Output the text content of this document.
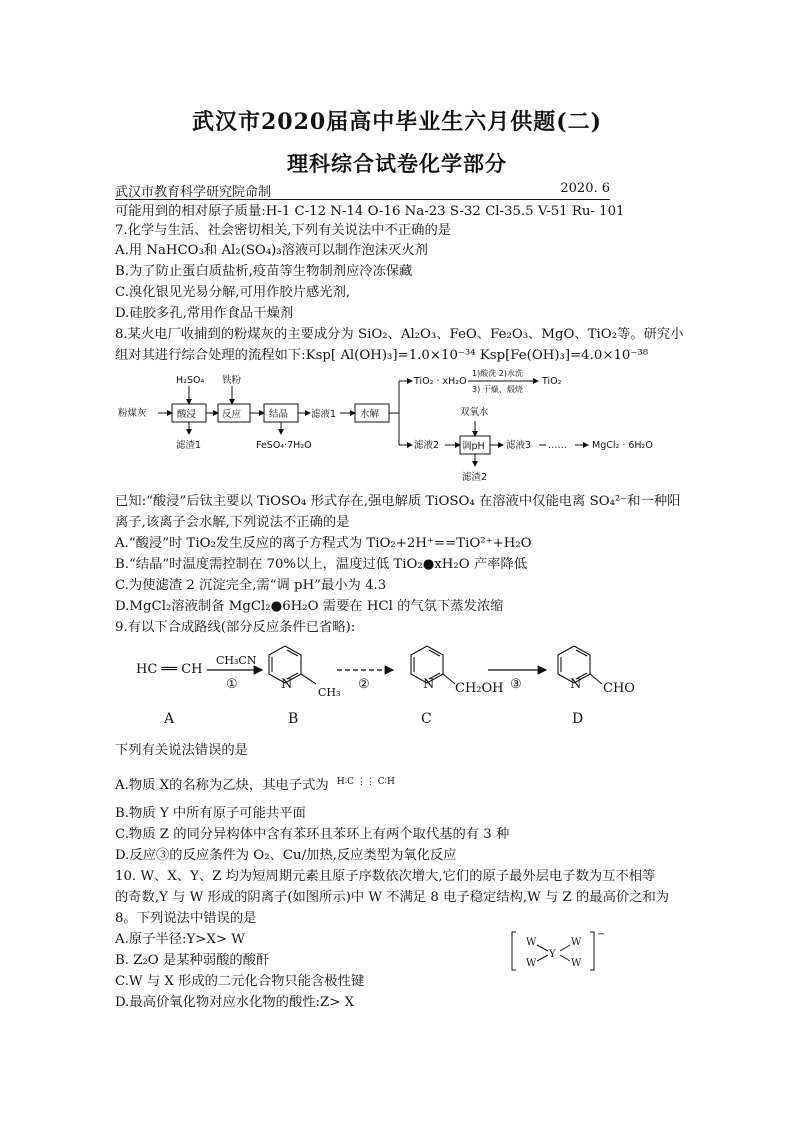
武汉市2020届高中毕业生六月供题(二)
理科综合试卷化学部分
武汉市教育科学研究院命制	2020. 6
可能用到的相对原子质量:H-1 C-12 N-14 O-16 Na-23 S-32 Cl-35.5 V-51 Ru- 101
7.化学与生活、社会密切相关,下列有关说法中不正确的是
A.用 NaHCO₃和 Al₂(SO₄)₃溶液可以制作泡沫灭火剂
B.为了防止蛋白质盐析,疫苗等生物制剂应冷冻保藏
C.溴化银见光易分解,可用作胶片感光剂,
D.硅胶多孔,常用作食品干燥剂
8.某火电厂收捕到的粉煤灰的主要成分为 SiO₂、Al₂O₃、FeO、Fe₂O₃、MgO、TiO₂等。研究小
组对其进行综合处理的流程如下:Ksp[ Al(OH)₃]=1.0×10⁻³⁴ Ksp[Fe(OH)₃]=4.0×10⁻³⁸
粉煤灰
H₂SO₄
酸浸
滤渣1
铁粉
反应	结晶
FeSO₄·7H₂O
滤液1	水解
TiO₂ · xH₂O
1)酸洗 2)水洗
3) 干燥、煅烧
TiO₂
滤液2
双氧水
调pH
滤渣2
滤液3 ……	MgCl₂ · 6H₂O
已知:“酸浸”后钛主要以 TiOSO₄ 形式存在,强电解质 TiOSO₄ 在溶液中仅能电离 SO₄²⁻和一种阳
离子,该离子会水解,下列说法不正确的是
A.“酸浸”时 TiO₂发生反应的离子方程式为 TiO₂+2H⁺==TiO²⁺+H₂O
B.“结晶”时温度需控制在 70%以上，温度过低 TiO₂●xH₂O 产率降低
C.为使滤渣 2 沉淀完全,需“调 pH”最小为 4.3
D.MgCl₂溶液制备 MgCl₂●6H₂O 需要在 HCl 的气氛下蒸发浓缩
9.有以下合成路线(部分反应条件已省略):
HC ══ CH
CH₃CN
①	②	③
N
CH₃
N CH₂OH	N CHO
A	B	C	D
下列有关说法错误的是
A.物质 X的名称为乙炔，其电子式为 $^{H∶C ⋮⋮ C∶H}$
B.物质 Y 中所有原子可能共平面
C.物质 Z 的同分异构体中含有苯环且苯环上有两个取代基的有 3 种
D.反应③的反应条件为 O₂、Cu/加热,反应类型为氧化反应
10. W、X、Y、Z 均为短周期元素且原子序数依次增大,它们的原子最外层电子数为互不相等
的奇数,Y 与 W 形成的阴离子(如图所示)中 W 不满足 8 电子稳定结构,W 与 Z 的最高价之和为
8。下列说法中错误的是
A.原子半径:Y>X> W
B. Z₂O 是某种弱酸的酸酐
C.W 与 X 形成的二元化合物只能含极性键
D.最高价氧化物对应水化物的酸性:Z> X
W
W
Y
W
W
−
